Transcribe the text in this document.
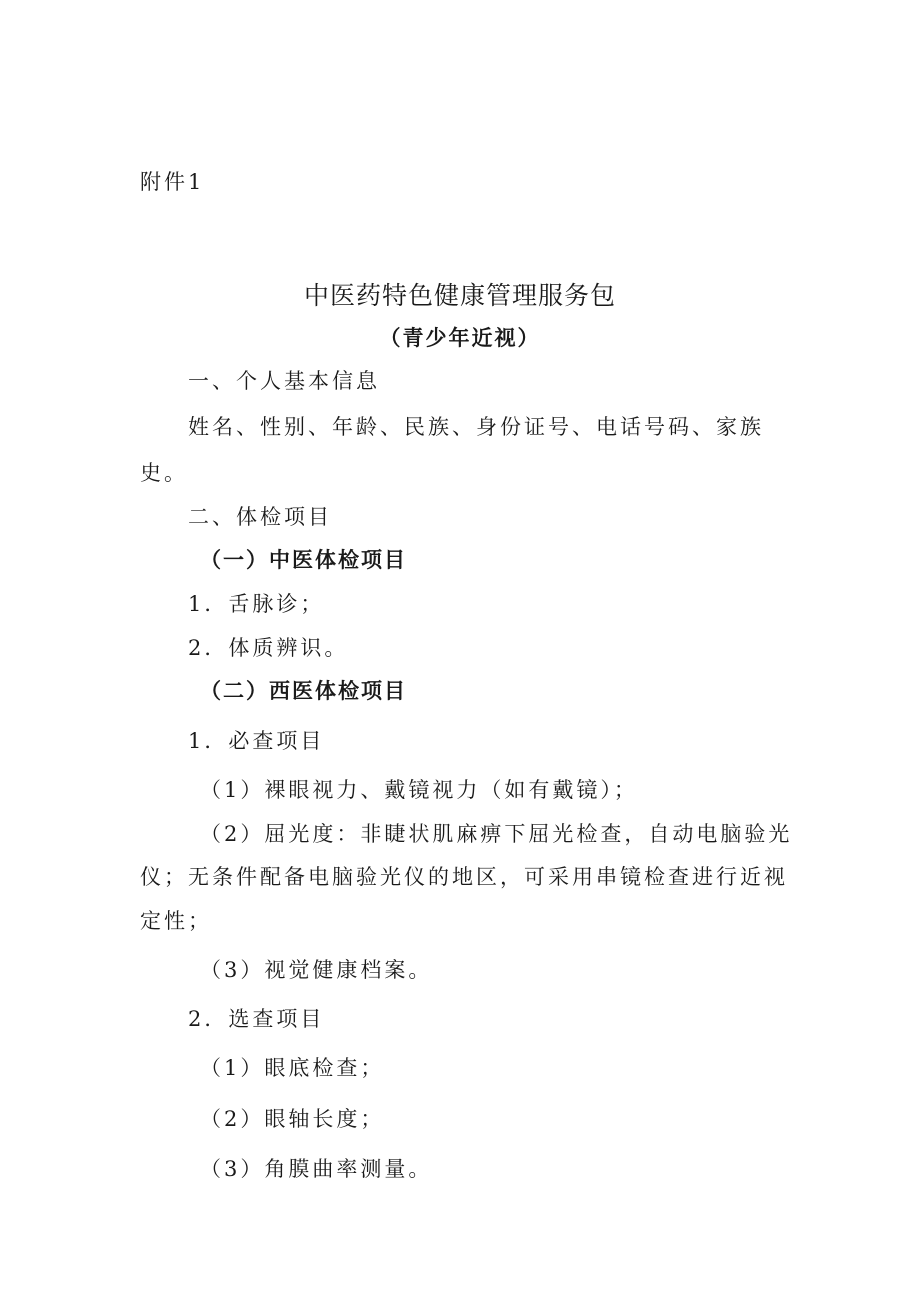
附件1
中医药特色健康管理服务包
（青少年近视）
一、个人基本信息
姓名、性别、年龄、民族、身份证号、电话号码、家族
史。
二、体检项目
（一）中医体检项目
1．舌脉诊；
2．体质辨识。
（二）西医体检项目
1．必查项目
（1）裸眼视力、戴镜视力（如有戴镜）；
（2）屈光度：非睫状肌麻痹下屈光检查，自动电脑验光
仪；无条件配备电脑验光仪的地区，可采用串镜检查进行近视
定性；
（3）视觉健康档案。
2．选查项目
（1）眼底检查；
（2）眼轴长度；
（3）角膜曲率测量。
